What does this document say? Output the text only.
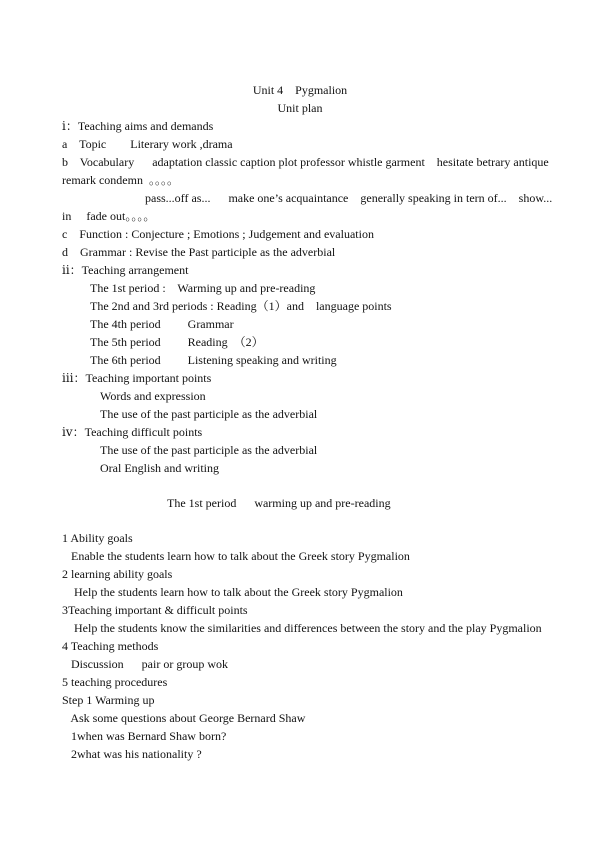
Unit 4    Pygmalion
Unit plan
ⅰ：Teaching aims and demands
a    Topic        Literary work ,drama
b    Vocabulary      adaptation classic caption plot professor whistle garment    hesitate betrary antique
remark condemn  。。。。
pass...off as...      make one’s acquaintance    generally speaking in tern of...    show...
in     fade out。。。。
c    Function : Conjecture ; Emotions ; Judgement and evaluation
d    Grammar : Revise the Past participle as the adverbial
ⅱ：Teaching arrangement
The 1st period :    Warming up and pre-reading
The 2nd and 3rd periods : Reading（1）and    language points
The 4th period         Grammar
The 5th period         Reading  （2）
The 6th period         Listening speaking and writing
ⅲ：Teaching important points
Words and expression
The use of the past participle as the adverbial
ⅳ：Teaching difficult points
The use of the past participle as the adverbial
Oral English and writing
The 1st period      warming up and pre-reading
1 Ability goals
Enable the students learn how to talk about the Greek story Pygmalion
2 learning ability goals
Help the students learn how to talk about the Greek story Pygmalion
3Teaching important & difficult points
Help the students know the similarities and differences between the story and the play Pygmalion
4 Teaching methods
Discussion      pair or group wok
5 teaching procedures
Step 1 Warming up
Ask some questions about George Bernard Shaw
1when was Bernard Shaw born?
2what was his nationality ?
